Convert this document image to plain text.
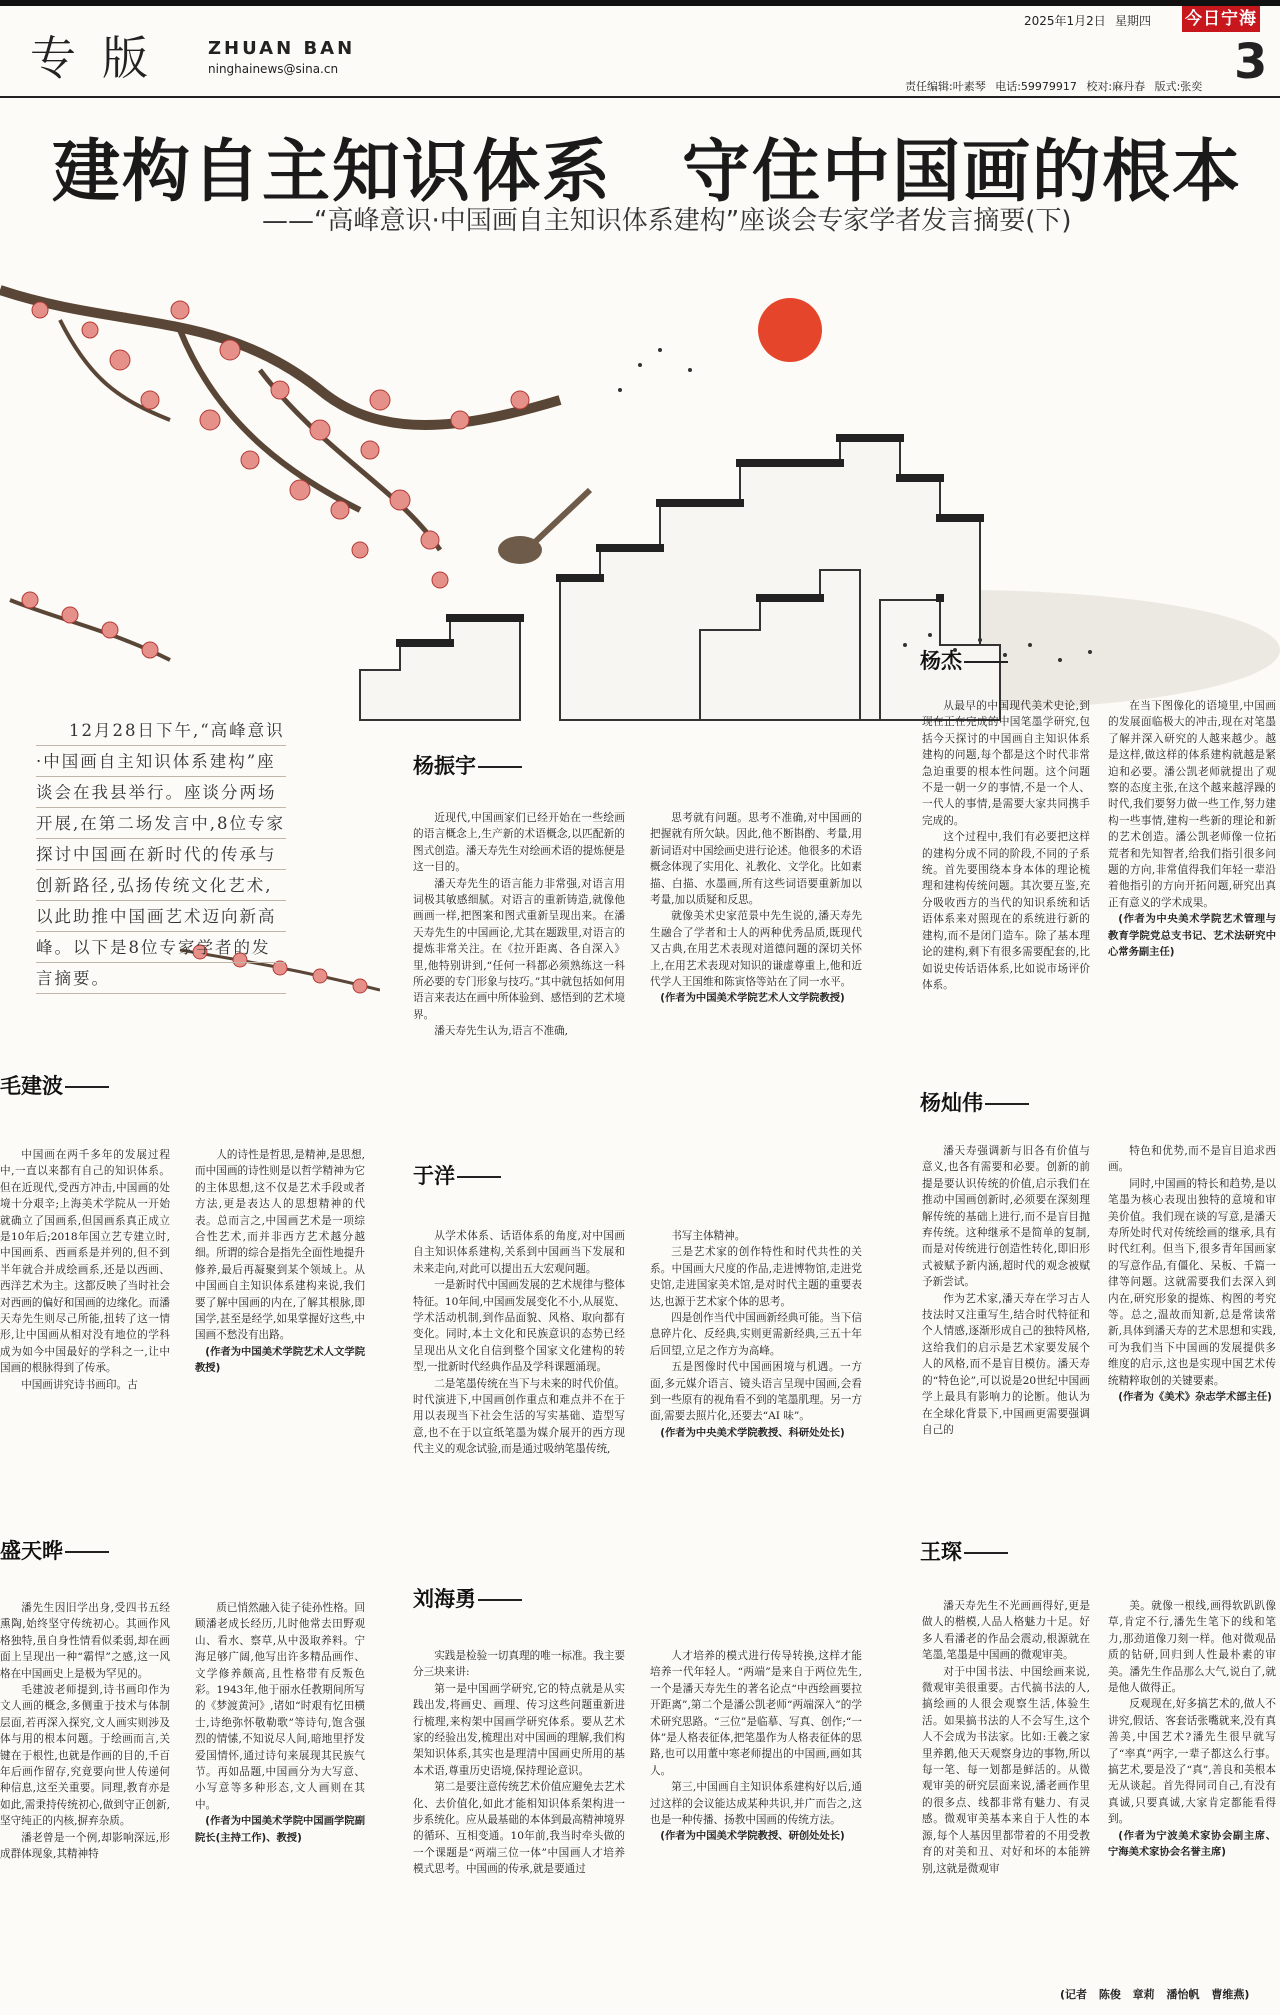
专版 ZHUAN BAN
ninghainews@sina.cn
2025年1月2日 星期四 今日宁海
3
责任编辑:叶素琴 电话:59979917 校对:麻丹春 版式:张奕
建构自主知识体系　守住中国画的根本
——“高峰意识·中国画自主知识体系建构”座谈会专家学者发言摘要(下)

12月28日下午,“高峰意识·中国画自主知识体系建构”座谈会在我县举行。座谈分两场开展,在第二场发言中,8位专家探讨中国画在新时代的传承与创新路径,弘扬传统文化艺术,以此助推中国画艺术迈向新高峰。以下是8位专家学者的发言摘要。

毛建波

中国画在两千多年的发展过程中,一直以来都有自己的知识体系。但在近现代,受西方冲击,中国画的处境十分艰辛;上海美术学院从一开始就确立了国画系,但国画系真正成立是10年后;2018年国立艺专建立时,中国画系、西画系是并列的,但不到半年就合并成绘画系,还是以西画、西洋艺术为主。这都反映了当时社会对西画的偏好和国画的边缘化。而潘天寿先生则尽己所能,扭转了这一情形,让中国画从相对没有地位的学科成为如今中国最好的学科之一,让中国画的根脉得到了传承。

中国画讲究诗书画印。古

人的诗性是哲思,是精神,是思想,而中国画的诗性则是以哲学精神为它的主体思想,这不仅是艺术手段或者方法,更是表达人的思想精神的代表。总而言之,中国画艺术是一项综合性艺术,而并非西方艺术越分越细。所谓的综合是指先全面性地提升修养,最后再凝聚到某个领域上。从中国画自主知识体系建构来说,我们要了解中国画的内在,了解其根脉,即国学,甚至是经学,如果掌握好这些,中国画不愁没有出路。

(作者为中国美术学院艺术人文学院教授)

盛天晔

潘先生因旧学出身,受四书五经熏陶,始终坚守传统初心。其画作风格独特,虽自身性情看似柔弱,却在画面上呈现出一种“霸悍”之感,这一风格在中国画史上是极为罕见的。

毛建波老师提到,诗书画印作为文人画的概念,多侧重于技术与体制层面,若再深入探究,文人画实则涉及体与用的根本问题。于绘画而言,关键在于根性,也就是作画的目的,千百年后画作留存,究竟要向世人传递何种信息,这至关重要。同理,教育亦是如此,需秉持传统初心,做到守正创新,坚守纯正的内核,摒弃杂质。

潘老曾是一个例,却影响深远,形成群体现象,其精神特

质已悄然融入徒子徒孙性格。回顾潘老成长经历,儿时他常去田野观山、看水、察草,从中汲取养料。宁海足够广阔,他写出许多精品画作、文学修养颇高,且性格带有反叛色彩。1943年,他于丽水任教期间所写的《梦渡黄河》,诸如“时艰有忆田横士,诗绝弥怀敬勒歌”等诗句,饱含强烈的情愫,不知说尽人间,暗地里抒发爱国情怀,通过诗句来展现其民族气节。再如品题,中国画分为大写意、小写意等多种形态,文人画则在其中。

(作者为中国美术学院中国画学院副院长(主持工作)、教授)

杨振宇

近现代,中国画家们已经开始在一些绘画的语言概念上,生产新的术语概念,以匹配新的图式创造。潘天寿先生对绘画术语的提炼便是这一目的。

潘天寿先生的语言能力非常强,对语言用词极其敏感细腻。对语言的重新铸造,就像他画画一样,把图案和图式重新呈现出来。在潘天寿先生的中国画论,尤其在题跋里,对语言的提炼非常关注。在《拉开距离、各自深入》里,他特别讲到,“任何一科都必须熟练这一科所必要的专门形象与技巧。”其中就包括如何用语言来表达在画中所体验到、感悟到的艺术境界。

潘天寿先生认为,语言不准确,

思考就有问题。思考不准确,对中国画的把握就有所欠缺。因此,他不断斟酌、考量,用新词语对中国绘画史进行论述。他很多的术语概念体现了实用化、礼教化、文学化。比如素描、白描、水墨画,所有这些词语要重新加以考量,加以质疑和反思。

就像美术史家范景中先生说的,潘天寿先生融合了学者和士人的两种优秀品质,既现代又古典,在用艺术表现对道德问题的深切关怀上,在用艺术表现对知识的谦虚尊重上,他和近代学人王国维和陈寅恪等站在了同一水平。

(作者为中国美术学院艺术人文学院教授)

于洋

从学术体系、话语体系的角度,对中国画自主知识体系建构,关系到中国画当下发展和未来走向,对此可以提出五大宏观问题。

一是新时代中国画发展的艺术规律与整体特征。10年间,中国画发展变化不小,从展览、学术活动机制,到作品面貌、风格、取向都有变化。同时,本土文化和民族意识的态势已经呈现出从文化自信到整个国家文化建构的转型,一批新时代经典作品及学科课题涌现。

二是笔墨传统在当下与未来的时代价值。时代演进下,中国画创作重点和难点并不在于用以表现当下社会生活的写实基础、造型写意,也不在于以宣纸笔墨为媒介展开的西方现代主义的观念试验,而是通过吸纳笔墨传统,

书写主体精神。

三是艺术家的创作特性和时代共性的关系。中国画大尺度的作品,走进博物馆,走进党史馆,走进国家美术馆,是对时代主题的重要表达,也源于艺术家个体的思考。

四是创作当代中国画新经典可能。当下信息碎片化、反经典,实则更需新经典,三五十年后回望,立足之作方为高峰。

五是图像时代中国画困境与机遇。一方面,多元媒介语言、镜头语言呈现中国画,会看到一些原有的视角看不到的笔墨肌理。另一方面,需要去照片化,还要去“AI 味”。

(作者为中央美术学院教授、科研处处长)

刘海勇

实践是检验一切真理的唯一标准。我主要分三块来讲:

第一是中国画学研究,它的特点就是从实践出发,将画史、画理、传习这些问题重新进行梳理,来构架中国画学研究体系。要从艺术家的经验出发,梳理出对中国画的理解,我们构架知识体系,其实也是理清中国画史所用的基本术语,尊重历史语境,保持理论意识。

第二是要注意传统艺术价值应避免去艺术化、去价值化,如此才能相知识体系架构进一步系统化。应从最基础的本体到最高精神境界的循环、互相变通。10年前,我当时牵头做的一个课题是“两端三位一体”中国画人才培养模式思考。中国画的传承,就是要通过

人才培养的模式进行传导转换,这样才能培养一代年轻人。“两端”是来自于两位先生,一个是潘天寿先生的著名论点“中西绘画要拉开距离”,第二个是潘公凯老师“两端深入”的学术研究思路。“三位”是临摹、写真、创作;“一体”是人格表征体,把笔墨作为人格表征体的思路,也可以用董中寒老师提出的中国画,画如其人。

第三,中国画自主知识体系建构好以后,通过这样的会议能达成某种共识,并广而告之,这也是一种传播、扬教中国画的传统方法。

(作者为中国美术学院教授、研创处处长)

杨杰

从最早的中国现代美术史论,到现在正在完成的中国笔墨学研究,包括今天探讨的中国画自主知识体系建构的问题,每个都是这个时代非常急迫重要的根本性问题。这个问题不是一朝一夕的事情,不是一个人、一代人的事情,是需要大家共同携手完成的。

这个过程中,我们有必要把这样的建构分成不同的阶段,不同的子系统。首先要围绕本身本体的理论梳理和建构传统问题。其次要互鉴,充分吸收西方的当代的知识系统和话语体系来对照现在的系统进行新的建构,而不是闭门造车。除了基本理论的建构,剩下有很多需要配套的,比如说史传话语体系,比如说市场评价体系。

在当下图像化的语境里,中国画的发展面临极大的冲击,现在对笔墨了解并深入研究的人越来越少。越是这样,做这样的体系建构就越是紧迫和必要。潘公凯老师就提出了观察的态度主张,在这个越来越浮躁的时代,我们要努力做一些工作,努力建构一些事情,建构一些新的理论和新的艺术创造。潘公凯老师像一位拓荒者和先知智者,给我们指引很多问题的方向,非常值得我们年轻一辈沿着他指引的方向开拓问题,研究出真正有意义的学术成果。

(作者为中央美术学院艺术管理与教育学院党总支书记、艺术法研究中心常务副主任)

杨灿伟

潘天寿强调新与旧各有价值与意义,也各有需要和必要。创新的前提是要认识传统的价值,启示我们在推动中国画创新时,必须要在深刻理解传统的基础上进行,而不是盲目抛弃传统。这种继承不是简单的复制,而是对传统进行创造性转化,即旧形式被赋予新内涵,超时代的观念被赋予新尝试。

作为艺术家,潘天寿在学习古人技法时又注重写生,结合时代特征和个人情感,逐渐形成自己的独特风格,这给我们的启示是艺术家要发展个人的风格,而不是盲目模仿。潘天寿的“特色论”,可以说是20世纪中国画学上最具有影响力的论断。他认为在全球化背景下,中国画更需要强调自己的

特色和优势,而不是盲目追求西画。

同时,中国画的特长和趋势,是以笔墨为核心表现出独特的意境和审美价值。我们现在谈的写意,是潘天寿所处时代对传统绘画的继承,具有时代红利。但当下,很多青年国画家的写意作品,有僵化、呆板、千篇一律等问题。这就需要我们去深入到内在,研究形象的提炼、构图的考究等。总之,温故而知新,总是常读常新,具体到潘天寿的艺术思想和实践,可为我们当下中国画的发展提供多维度的启示,这也是实现中国艺术传统精粹取创的关键要素。

(作者为《美术》杂志学术部主任)

王琛

潘天寿先生不光画画得好,更是做人的楷模,人品人格魅力十足。好多人看潘老的作品会震动,根源就在笔墨,笔墨是中国画的微观审美。

对于中国书法、中国绘画来说,微观审美很重要。古代搞书法的人,搞绘画的人很会观察生活,体验生活。如果搞书法的人不会写生,这个人不会成为书法家。比如:王羲之家里养鹅,他天天观察身边的事物,所以每一笔、每一划都是鲜活的。从微观审美的研究层面来说,潘老画作里的很多点、线都非常有魅力、有灵感。微观审美基本来自于人性的本源,每个人基因里都带着的不用受教育的对美和丑、对好和坏的本能辨别,这就是微观审

美。就像一根线,画得软趴趴像草,肯定不行,潘先生笔下的线和笔力,那劲道像刀刻一样。他对微观品质的钻研,回归到人性最朴素的审美。潘先生作品那么大气,说白了,就是他人做得正。

反观现在,好多搞艺术的,做人不讲究,假话、客套话张嘴就来,没有真善美,中国艺术?潘先生很早就写了“率真”两字,一辈子都这么行事。搞艺术,要是没了“真”,善良和美根本无从谈起。首先得同司自己,有没有真诚,只要真诚,大家肯定都能看得到。

(作者为宁波美术家协会副主席、宁海美术家协会名誉主席)

(记者 陈俊 章莉 潘怡帆 曹维燕)
